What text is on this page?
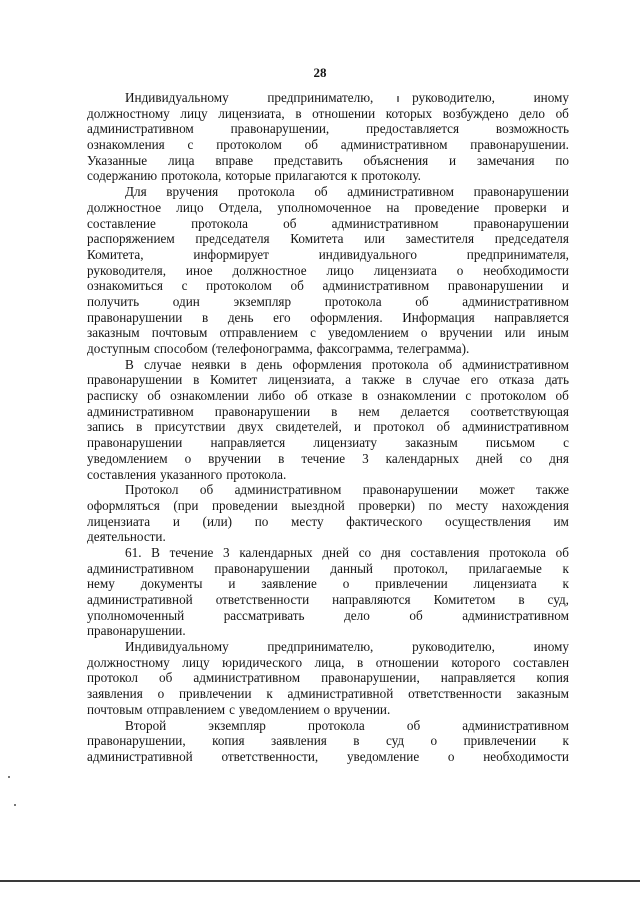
28
Индивидуальному	предпринимателю,	руководителю,	иному
должностному лицу лицензиата, в отношении которых возбуждено дело об
административном	правонарушении,	предоставляется	возможность
ознакомления с протоколом об административном правонарушении.
Указанные лица вправе представить объяснения и замечания по
содержанию протокола, которые прилагаются к протоколу.
Для вручения протокола об административном правонарушении
должностное лицо Отдела, уполномоченное на проведение проверки и
составление	протокола	об	административном	правонарушении
распоряжением председателя Комитета или заместителя председателя
Комитета,	информирует	индивидуального	предпринимателя,
руководителя, иное должностное лицо лицензиата о необходимости
ознакомиться с протоколом об административном правонарушении и
получить	один	экземпляр	протокола	об	административном
правонарушении в день его оформления. Информация направляется
заказным почтовым отправлением с уведомлением о вручении или иным
доступным способом (телефонограмма, факсограмма, телеграмма).
В случае неявки в день оформления протокола об административном
правонарушении в Комитет лицензиата, а также в случае его отказа дать
расписку об ознакомлении либо об отказе в ознакомлении с протоколом об
административном правонарушении в нем делается соответствующая
запись в присутствии двух свидетелей, и протокол об административном
правонарушении направляется лицензиату заказным письмом с
уведомлением о вручении в течение 3 календарных дней со дня
составления указанного протокола.
Протокол об административном правонарушении может также
оформляться (при проведении выездной проверки) по месту нахождения
лицензиата и (или) по месту фактического осуществления им
деятельности.
61. В течение 3 календарных дней со дня составления протокола об
административном правонарушении данный протокол, прилагаемые к
нему документы и заявление о привлечении лицензиата к
административной ответственности направляются Комитетом в суд,
уполномоченный	рассматривать	дело	об	административном
правонарушении.
Индивидуальному	предпринимателю,	руководителю,	иному
должностному лицу юридического лица, в отношении которого составлен
протокол об административном правонарушении, направляется копия
заявления о привлечении к административной ответственности заказным
почтовым отправлением с уведомлением о вручении.
Второй	экземпляр	протокола	об	административном
правонарушении, копия заявления в суд о привлечении к
административной ответственности, уведомление о необходимости
